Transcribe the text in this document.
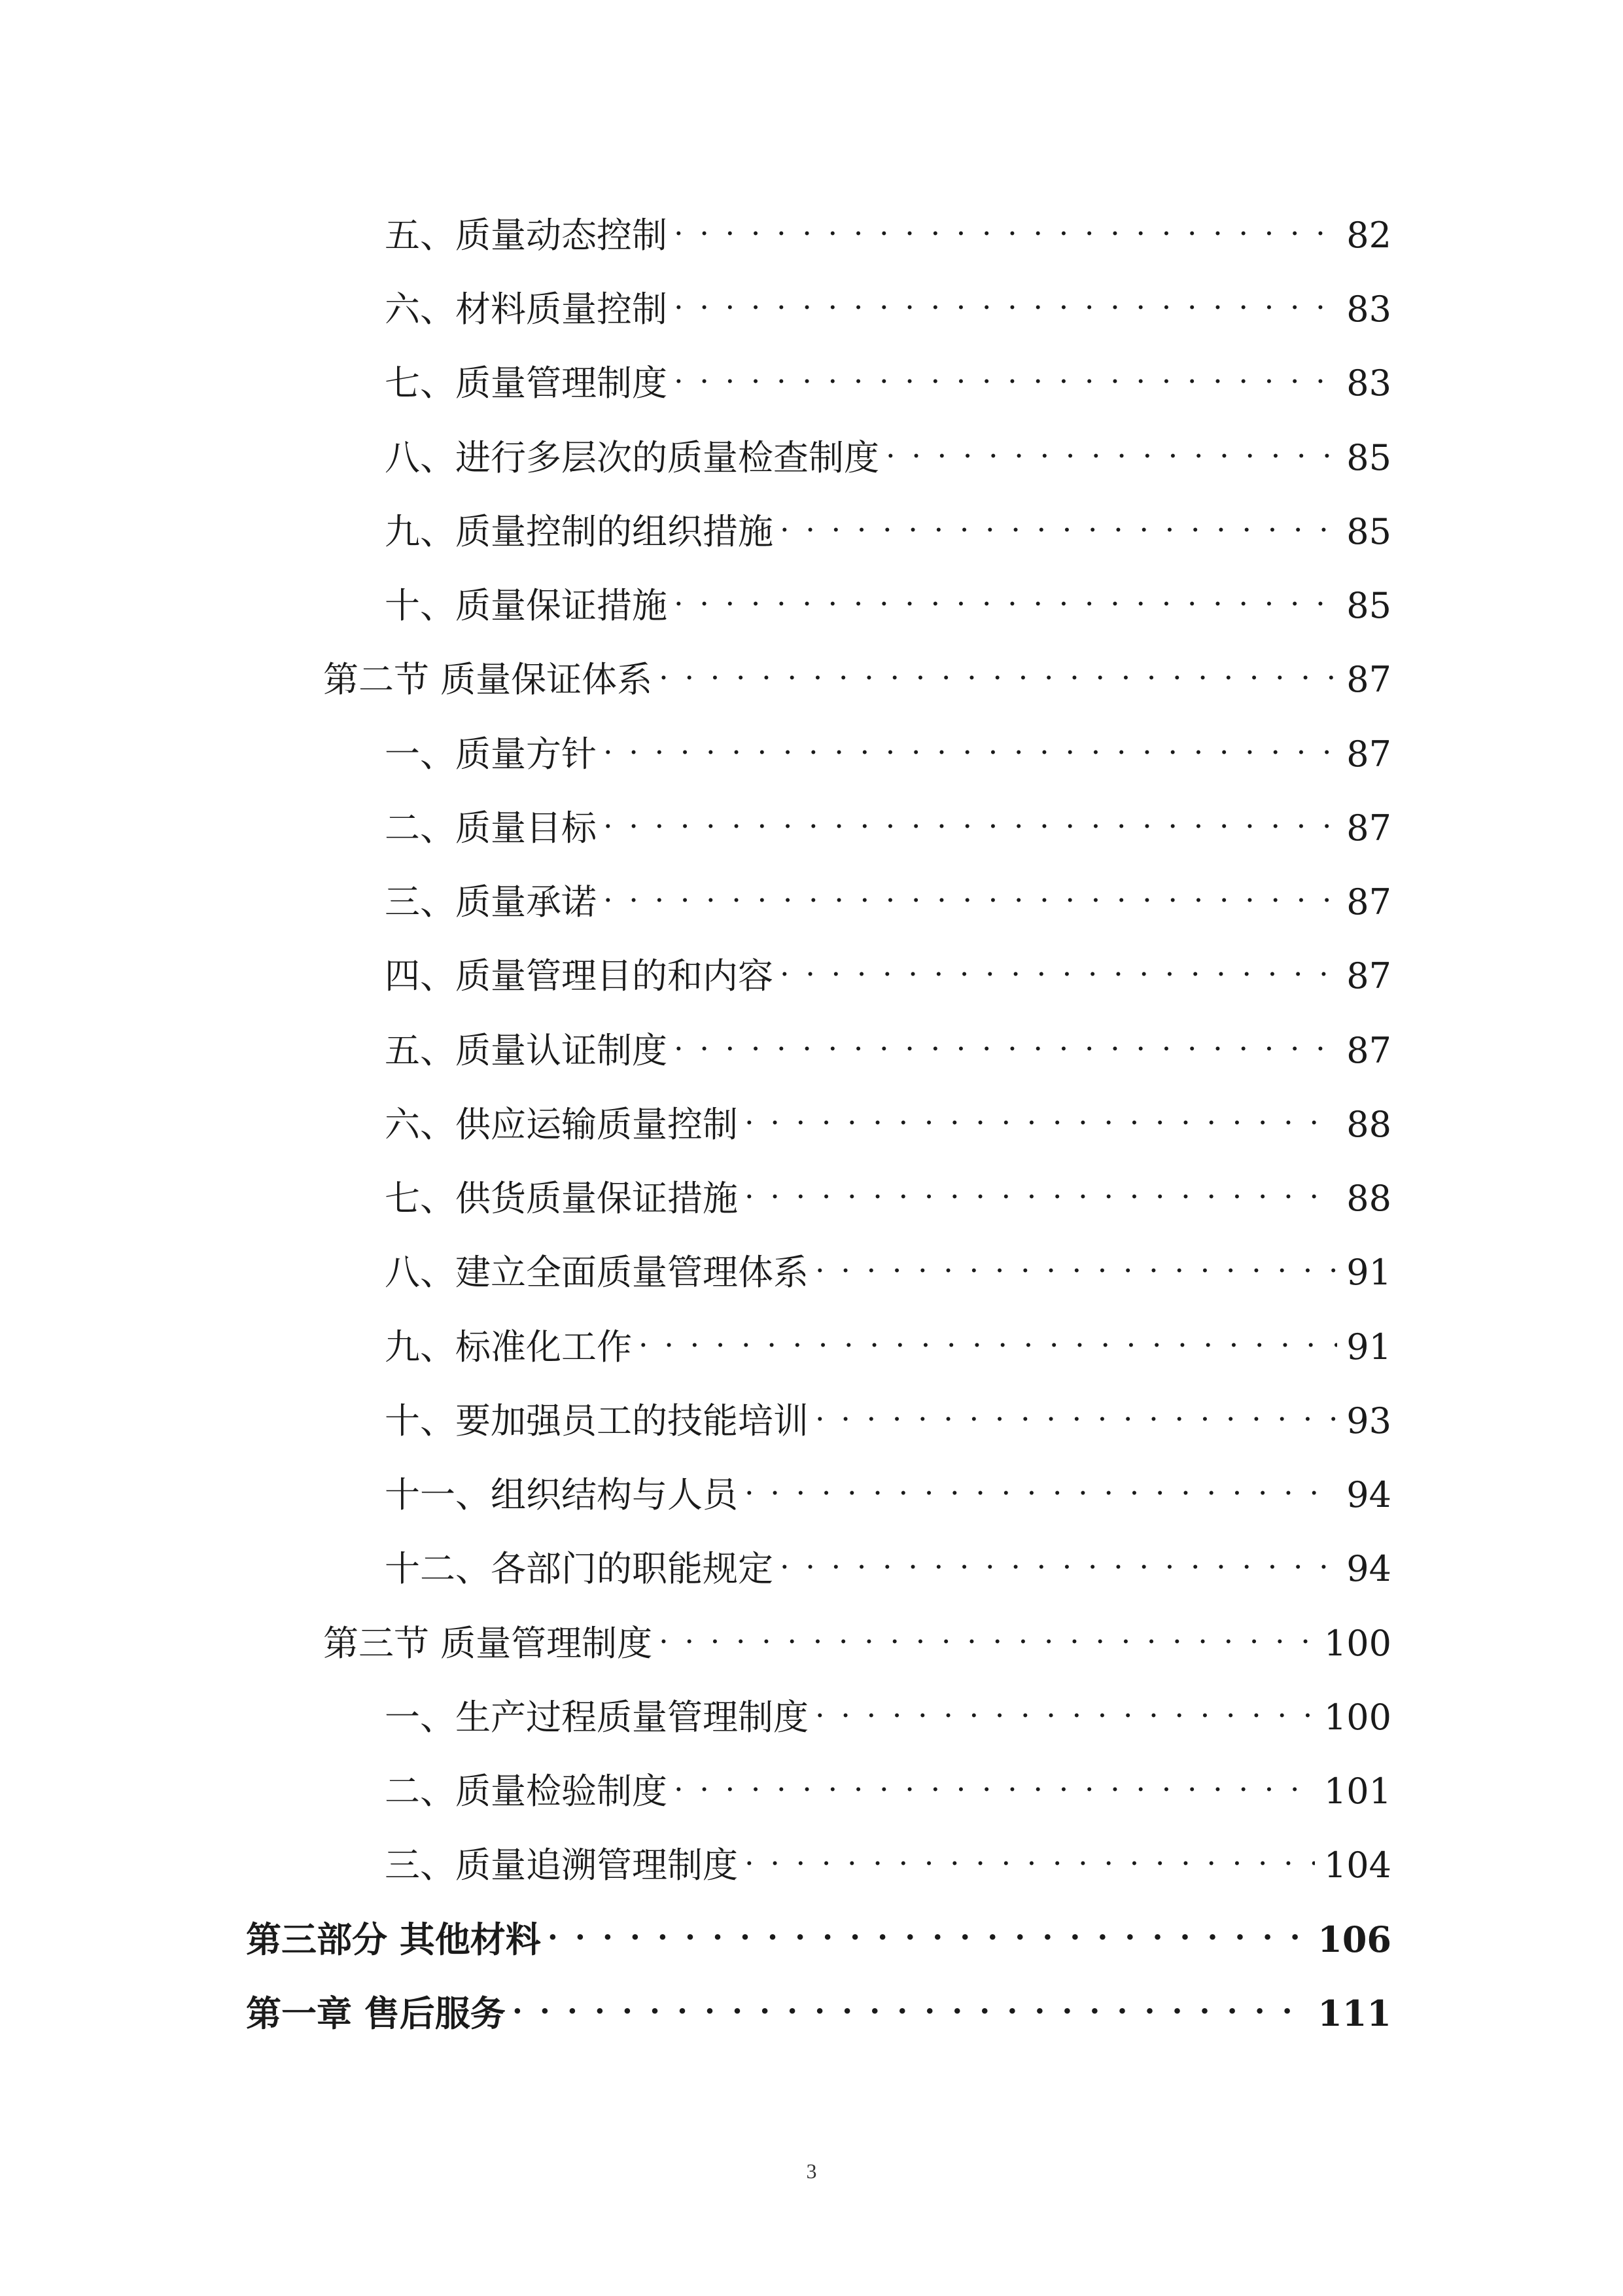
五、质量动态控制 . . .	82
六、材料质量控制 . . .	83
七、质量管理制度 . . .	83
八、进行多层次的质量检查制度 . . .	85
九、质量控制的组织措施 . . .	85
十、质量保证措施 . . .	85
第二节 质量保证体系 . . .	87
一、质量方针 . . .	87
二、质量目标 . . .	87
三、质量承诺 . . .	87
四、质量管理目的和内容 . . .	87
五、质量认证制度 . . .	87
六、供应运输质量控制 . . .	88
七、供货质量保证措施 . . .	88
八、建立全面质量管理体系 . . .	91
九、标准化工作 . . .	91
十、要加强员工的技能培训 . . .	93
十一、组织结构与人员 . . .	94
十二、各部门的职能规定 . . .	94
第三节 质量管理制度 . . .	100
一、生产过程质量管理制度 . . .	100
二、质量检验制度 . . .	101
三、质量追溯管理制度 . . .	104
第三部分 其他材料 . . .	106
第一章 售后服务 . . .	111
3
